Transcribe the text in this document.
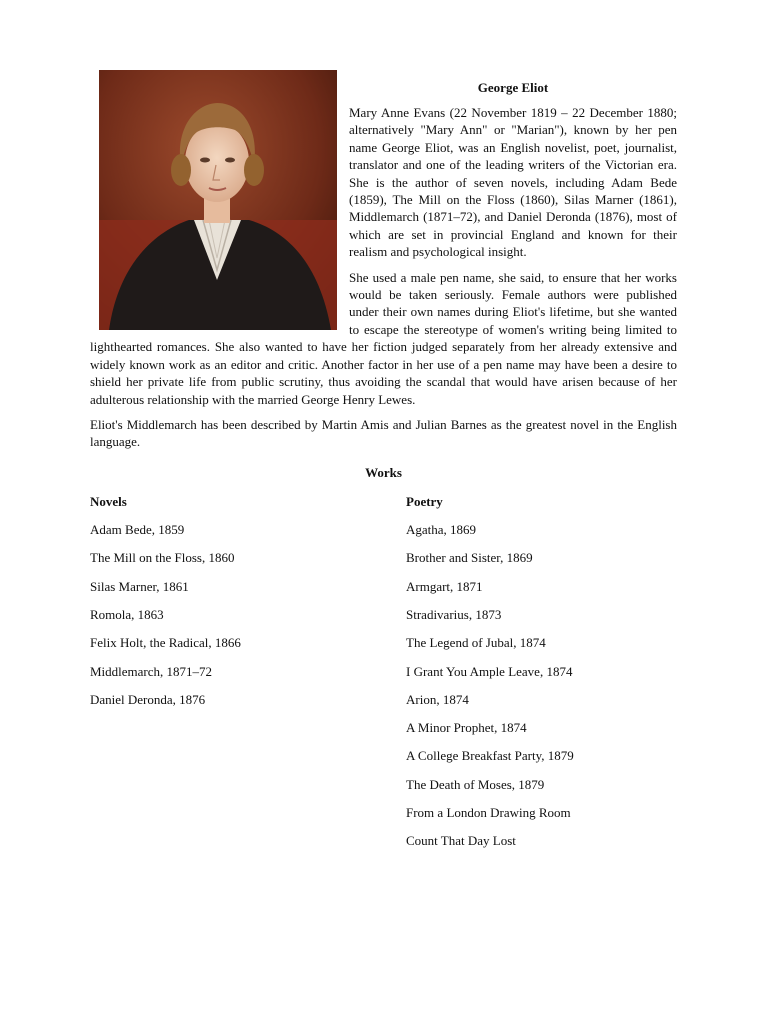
George Eliot

Mary Anne Evans (22 November 1819 – 22 December 1880; alternatively "Mary Ann" or "Marian"), known by her pen name George Eliot, was an English novelist, poet, journalist, translator and one of the leading writers of the Victorian era. She is the author of seven novels, including Adam Bede (1859), The Mill on the Floss (1860), Silas Marner (1861), Middlemarch (1871–72), and Daniel Deronda (1876), most of which are set in provincial England and known for their realism and psychological insight.

She used a male pen name, she said, to ensure that her works would be taken seriously. Female authors were published under their own names during Eliot's lifetime, but she wanted to escape the stereotype of women's writing being limited to lighthearted romances. She also wanted to have her fiction judged separately from her already extensive and widely known work as an editor and critic. Another factor in her use of a pen name may have been a desire to shield her private life from public scrutiny, thus avoiding the scandal that would have arisen because of her adulterous relationship with the married George Henry Lewes.

Eliot's Middlemarch has been described by Martin Amis and Julian Barnes as the greatest novel in the English language.

Works
Novels
Adam Bede, 1859
The Mill on the Floss, 1860
Silas Marner, 1861
Romola, 1863
Felix Holt, the Radical, 1866
Middlemarch, 1871–72
Daniel Deronda, 1876
Poetry
Agatha, 1869
Brother and Sister, 1869
Armgart, 1871
Stradivarius, 1873
The Legend of Jubal, 1874
I Grant You Ample Leave, 1874
Arion, 1874
A Minor Prophet, 1874
A College Breakfast Party, 1879
The Death of Moses, 1879
From a London Drawing Room
Count That Day Lost
